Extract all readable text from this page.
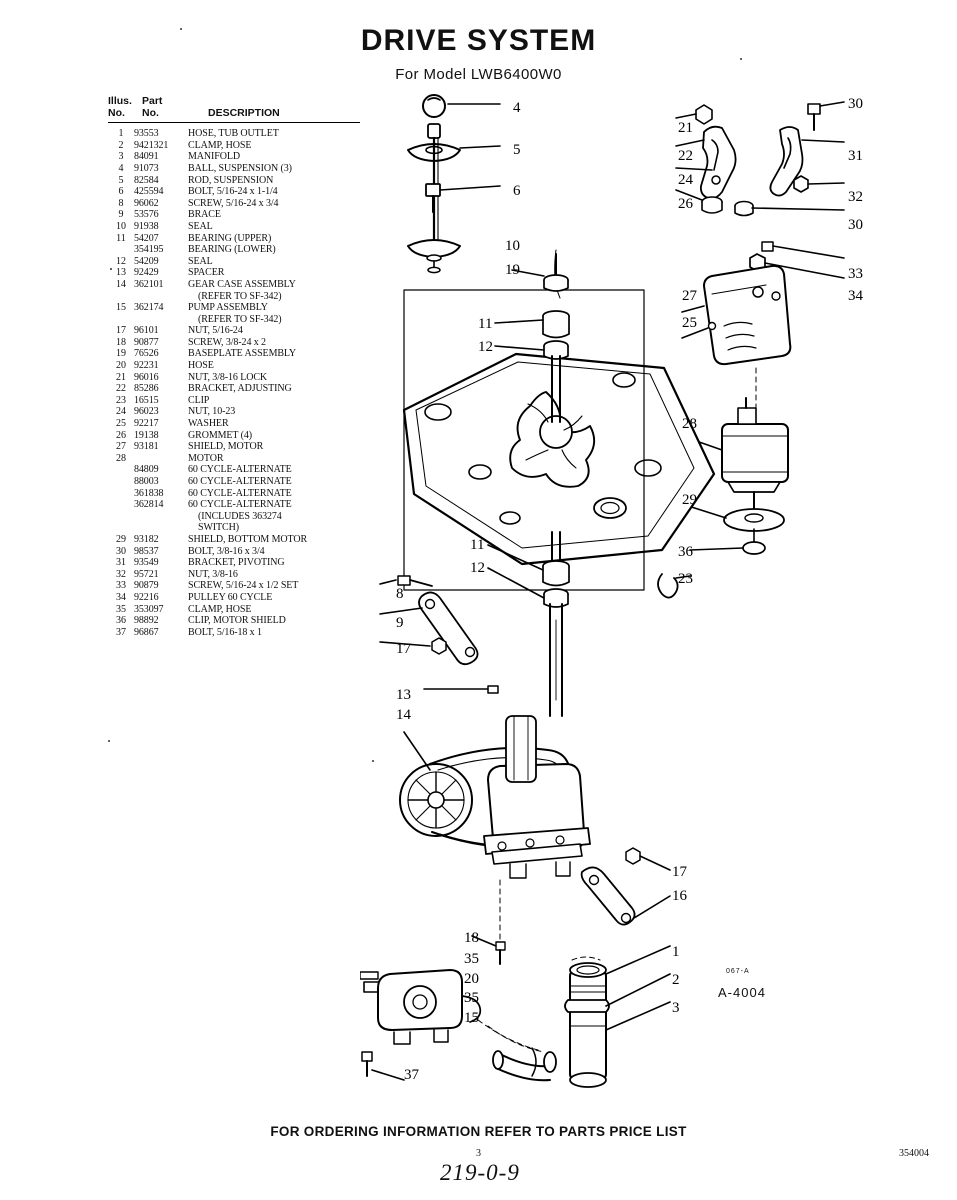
DRIVE SYSTEM
For Model LWB6400W0
Illus. Part

No.	No.	DESCRIPTION
1	93553	HOSE, TUB OUTLET
2	9421321	CLAMP, HOSE
3	84091	MANIFOLD
4	91073	BALL, SUSPENSION (3)
5	82584	ROD, SUSPENSION
6	425594	BOLT, 5/16-24 x 1-1/4
8	96062	SCREW, 5/16-24 x 3/4
9	53576	BRACE
10 91938	SEAL
11 54207	BEARING (UPPER)
354195	BEARING (LOWER)
12 54209	SEAL
13 92429	SPACER
14 362101	GEAR CASE ASSEMBLY
(REFER TO SF-342)
15 362174	PUMP ASSEMBLY
(REFER TO SF-342)
17 96101	NUT, 5/16-24
18 90877	SCREW, 3/8-24 x 2
19 76526	BASEPLATE ASSEMBLY
20 92231	HOSE
21 96016	NUT, 3/8-16 LOCK
22 85286	BRACKET, ADJUSTING
23 16515	CLIP
24 96023	NUT, 10-23
25 92217	WASHER
26 19138	GROMMET (4)
27 93181	SHIELD, MOTOR
28	MOTOR
84809	60 CYCLE-ALTERNATE
88003	60 CYCLE-ALTERNATE
361838	60 CYCLE-ALTERNATE
362814	60 CYCLE-ALTERNATE
(INCLUDES 363274
SWITCH)
29 93182	SHIELD, BOTTOM MOTOR
30 98537	BOLT, 3/8-16 x 3/4
31 93549	BRACKET, PIVOTING
32 95721	NUT, 3/8-16
33 90879	SCREW, 5/16-24 x 1/2 SET
34 92216	PULLEY 60 CYCLE
35 353097	CLAMP, HOSE
36 98892	CLIP, MOTOR SHIELD
37 96867	BOLT, 5/16-18 x 1
4
5
6
30
21
22	31
24
32
26
30
10
19	33
34
27
25
11
12
28
29
11
12
36
23
8
9
17
13
14
17
16
18
35	1
20	2
35
15
3
37
FOR ORDERING INFORMATION REFER TO PARTS PRICE LIST
3	354004
067-A
A-4004
219-0-9
